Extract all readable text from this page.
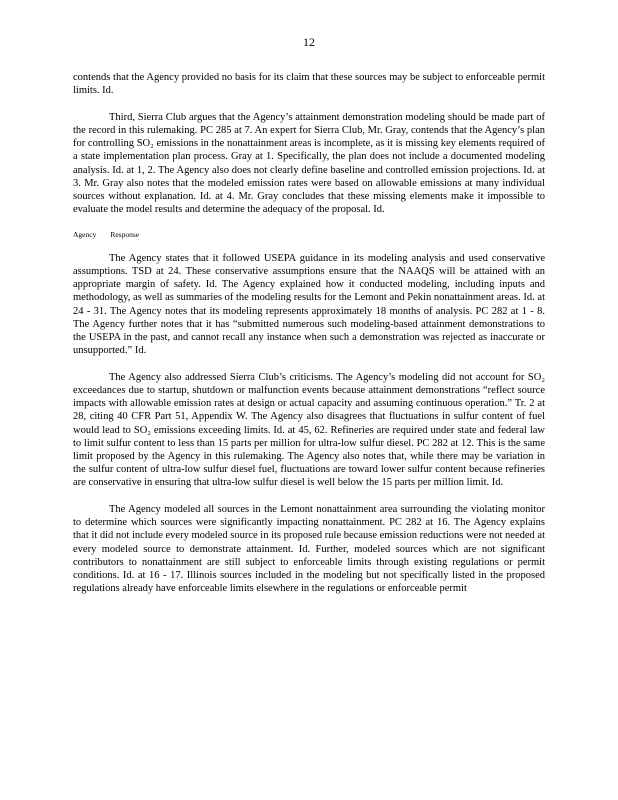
12

contends that the Agency provided no basis for its claim that these sources may be subject to enforceable permit limits. Id.

Third, Sierra Club argues that the Agency’s attainment demonstration modeling should be made part of the record in this rulemaking. PC 285 at 7. An expert for Sierra Club, Mr. Gray, contends that the Agency’s plan for controlling SO₂ emissions in the nonattainment areas is incomplete, as it is missing key elements required of a state implementation plan process. Gray at 1. Specifically, the plan does not include a documented modeling analysis. Id. at 1, 2. The Agency also does not clearly define baseline and controlled emission projections. Id. at 3. Mr. Gray also notes that the modeled emission rates were based on allowable emissions at many individual sources without explanation. Id. at 4. Mr. Gray concludes that these missing elements make it impossible to evaluate the model results and determine the adequacy of the proposal. Id.

Agency Response

The Agency states that it followed USEPA guidance in its modeling analysis and used conservative assumptions. TSD at 24. These conservative assumptions ensure that the NAAQS will be attained with an appropriate margin of safety. Id. The Agency explained how it conducted modeling, including inputs and methodology, as well as summaries of the modeling results for the Lemont and Pekin nonattainment areas. Id. at 24 - 31. The Agency notes that its modeling represents approximately 18 months of analysis. PC 282 at 1 - 8. The Agency further notes that it has “submitted numerous such modeling-based attainment demonstrations to the USEPA in the past, and cannot recall any instance when such a demonstration was rejected as inaccurate or unsupported.” Id.

The Agency also addressed Sierra Club’s criticisms. The Agency’s modeling did not account for SO₂ exceedances due to startup, shutdown or malfunction events because attainment demonstrations “reflect source impacts with allowable emission rates at design or actual capacity and assuming continuous operation.” Tr. 2 at 28, citing 40 CFR Part 51, Appendix W. The Agency also disagrees that fluctuations in sulfur content of fuel would lead to SO₂ emissions exceeding limits. Id. at 45, 62. Refineries are required under state and federal law to limit sulfur content to less than 15 parts per million for ultra-low sulfur diesel. PC 282 at 12. This is the same limit proposed by the Agency in this rulemaking. The Agency also notes that, while there may be variation in the sulfur content of ultra-low sulfur diesel fuel, fluctuations are toward lower sulfur content because refineries are conservative in ensuring that ultra-low sulfur diesel is well below the 15 parts per million limit. Id.

The Agency modeled all sources in the Lemont nonattainment area surrounding the violating monitor to determine which sources were significantly impacting nonattainment. PC 282 at 16. The Agency explains that it did not include every modeled source in its proposed rule because emission reductions were not needed at every modeled source to demonstrate attainment. Id. Further, modeled sources which are not significant contributors to nonattainment are still subject to enforceable limits through existing regulations or permit conditions. Id. at 16 - 17. Illinois sources included in the modeling but not specifically listed in the proposed regulations already have enforceable limits elsewhere in the regulations or enforceable permit
